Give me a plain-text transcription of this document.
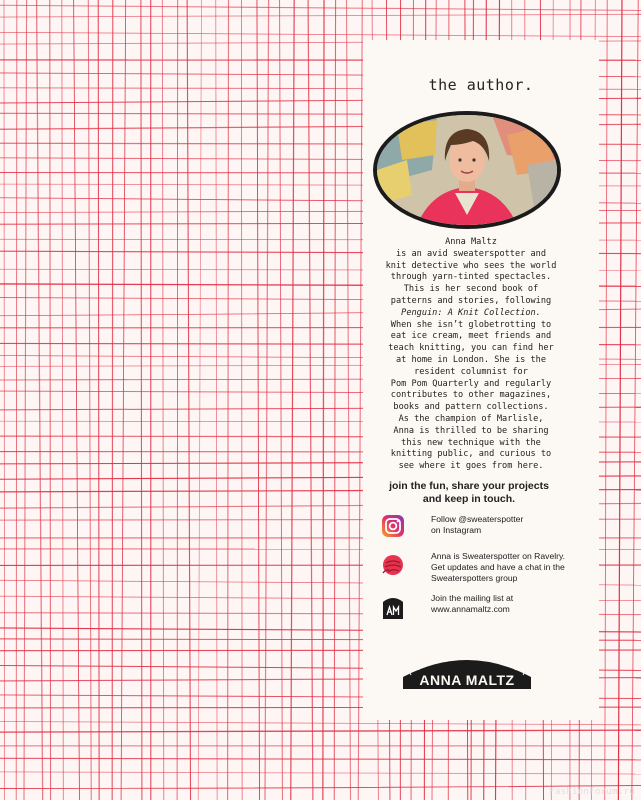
the author.

Anna Maltz
is an avid sweaterspotter and
knit detective who sees the world
through yarn-tinted spectacles.
This is her second book of
patterns and stories, following
Penguin: A Knit Collection.
When she isn’t globetrotting to
eat ice cream, meet friends and
teach knitting, you can find her
at home in London. She is the
resident columnist for
Pom Pom Quarterly and regularly
contributes to other magazines,
books and pattern collections.
As the champion of Marlisle,
Anna is thrilled to be sharing
this new technique with the
knitting public, and curious to
see where it goes from here.

join the fun, share your projects
and keep in touch.
Follow @sweaterspotter
on Instagram
Anna is Sweaterspotter on Ravelry.
Get updates and have a chat in the
Sweaterspotters group
Join the mailing list at
www.annamaltz.com
ANNA MALTZ
FashionForum.ru
